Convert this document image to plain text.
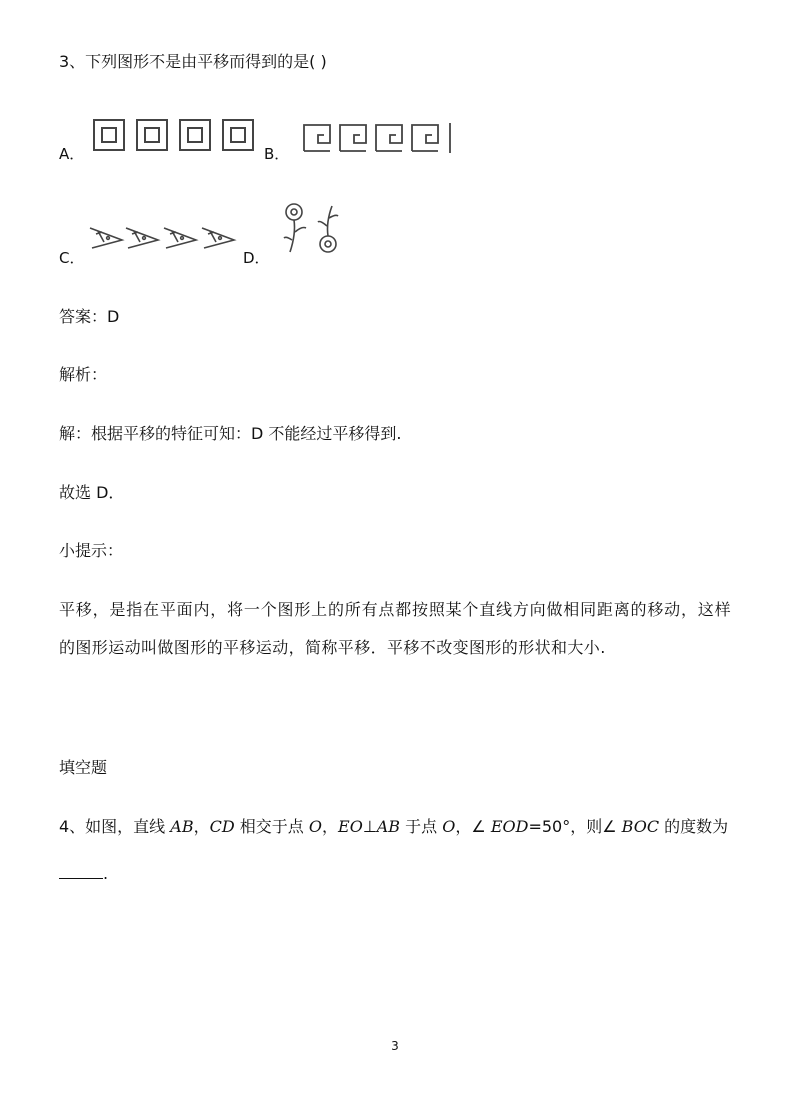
3、下列图形不是由平移而得到的是( )
A．	B．
C．	D．
答案：D
解析：
解：根据平移的特征可知：D 不能经过平移得到.
故选 D．
小提示：
平移，是指在平面内，将一个图形上的所有点都按照某个直线方向做相同距离的移动，这样的图形运动叫做图形的平移运动，简称平移．平移不改变图形的形状和大小.
填空题
4、如图，直线 AB，CD 相交于点 O，EO⊥AB 于点 O，∠ EOD=50°，则∠ BOC 的度数为
.
3
